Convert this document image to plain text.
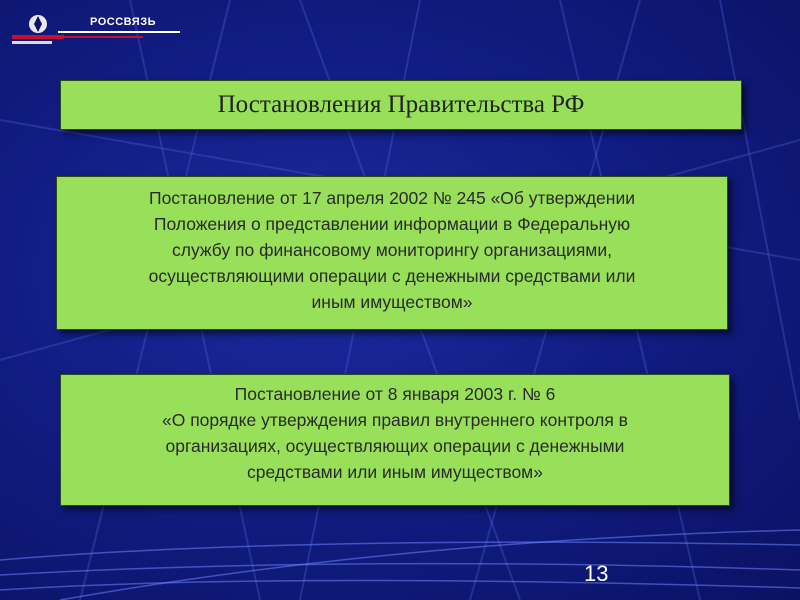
РОССВЯЗЬ
Постановления Правительства РФ

Постановление от 17 апреля 2002 № 245 «Об утверждении

Положения о представлении информации в Федеральную

службу по финансовому мониторингу организациями,

осуществляющими операции с денежными средствами или

иным имуществом»

Постановление от 8 января 2003 г. № 6

«О порядке утверждения правил внутреннего контроля в

организациях, осуществляющих операции с денежными

средствами или иным имуществом»

13
